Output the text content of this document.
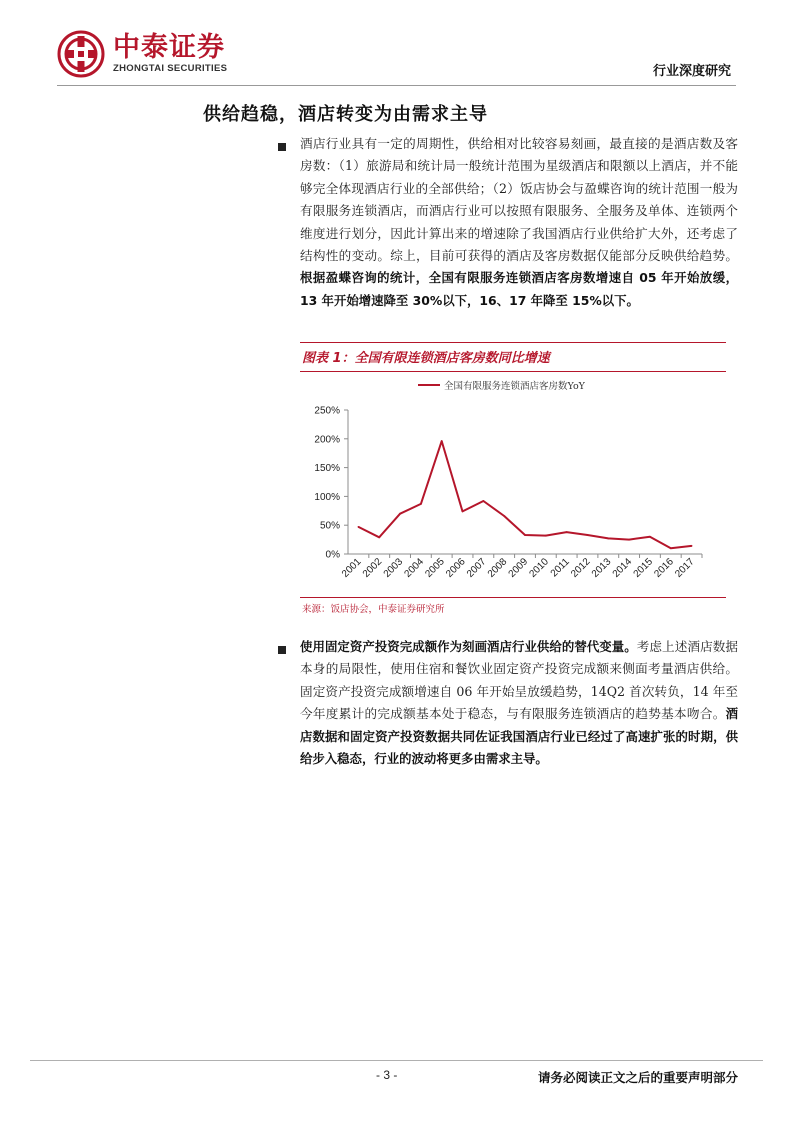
中泰证券
ZHONGTAI SECURITIES	行业深度研究
供给趋稳，酒店转变为由需求主导
酒店行业具有一定的周期性，供给相对比较容易刻画，最直接的是酒店数及客房数：（1）旅游局和统计局一般统计范围为星级酒店和限额以上酒店，并不能够完全体现酒店行业的全部供给；（2）饭店协会与盈蝶咨询的统计范围一般为有限服务连锁酒店，而酒店行业可以按照有限服务、全服务及单体、连锁两个维度进行划分，因此计算出来的增速除了我国酒店行业供给扩大外，还考虑了结构性的变动。综上，目前可获得的酒店及客房数据仅能部分反映供给趋势。根据盈蝶咨询的统计，全国有限服务连锁酒店客房数增速自 05 年开始放缓，13 年开始增速降至 30%以下，16、17 年降至 15%以下。
图表 1：全国有限连锁酒店客房数同比增速
全国有限服务连锁酒店客房数YoY
0%
50%
100%
150%
200%
250%
2001
2002
2003
2004
2005
2006
2007
2008
2009
2010
2011
2012
2013
2014
2015
2016
2017
来源：饭店协会，中泰证券研究所
使用固定资产投资完成额作为刻画酒店行业供给的替代变量。考虑上述酒店数据本身的局限性，使用住宿和餐饮业固定资产投资完成额来侧面考量酒店供给。固定资产投资完成额增速自 06 年开始呈放缓趋势，14Q2 首次转负，14 年至今年度累计的完成额基本处于稳态，与有限服务连锁酒店的趋势基本吻合。酒店数据和固定资产投资数据共同佐证我国酒店行业已经过了高速扩张的时期，供给步入稳态，行业的波动将更多由需求主导。
- 3 -	请务必阅读正文之后的重要声明部分
